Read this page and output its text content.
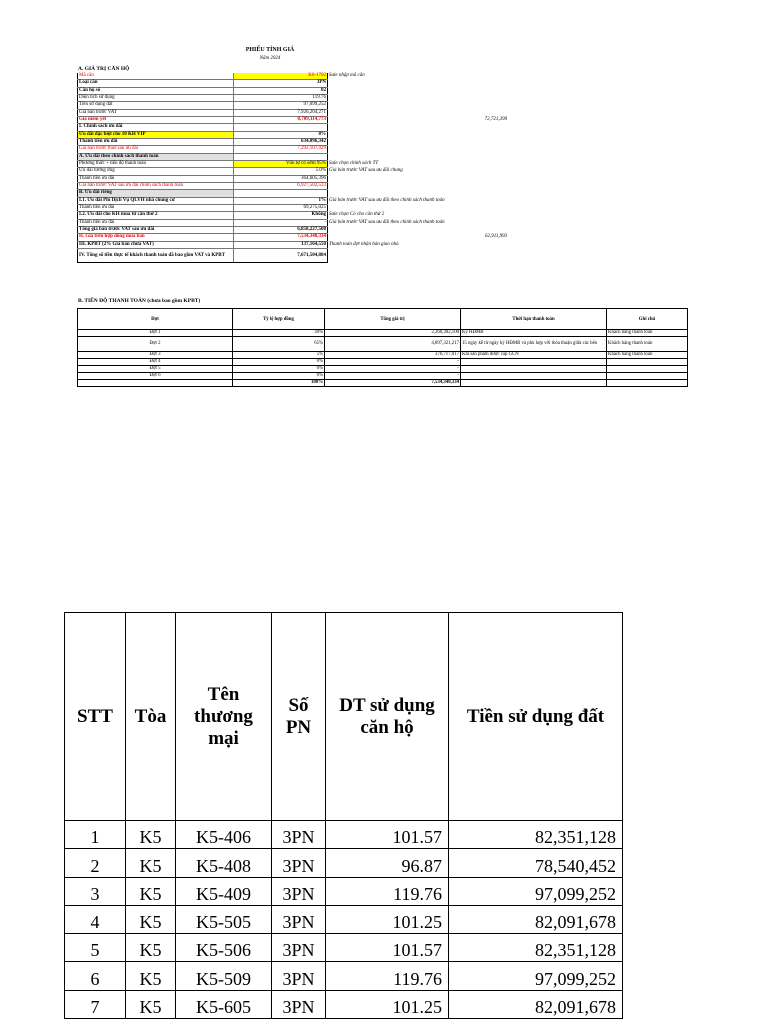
PHIẾU TÍNH GIÁ
Năm 2024
A. GIÁ TRỊ CĂN HỘ
Mã căn	K6-1702	Sale nhập mã căn	
Loại căn	3PN		
Căn hộ số	02		
Diện tích sử dụng	119.76		
Tiền sử dụng đất	97,099,252		
Giá bán trước VAT	7,926,204,271		
Giá niêm yết	8,709,114,773		72,721,399
I. Chính sách ưu đãi			
Ưu đãi đặc biệt cho 10 KH VIP	8%		
Thành tiền ưu đãi	634,096,342		
Giá bán trước thuế sau ưu đãi	7,292,107,929		
A. Ưu đãi theo chính sách thanh toán			
Phương thức + tiến độ thanh toán	Vốn tự có sớm 95%	Sale chọn chính sách TT	
Ưu đãi tương ứng	5.0%	Giá bán trước VAT sau ưu đãi chung	
Thành tiền ưu đãi	364,605,396		
Giá bán trước VAT sau ưu đãi chính sách thanh toán	6,927,502,533		
B. Ưu đãi riêng			
I.1. Ưu đãi Phí Dịch Vụ QLVH nhà chung cư	1%	Giá bán trước VAT sau ưu đãi theo chính sách thanh toán	
Thành tiền ưu đãi	69,275,025		
I.2. Ưu đãi cho KH mua từ căn thứ 2	Không	Sale chọn Có cho căn thứ 2	
Thành tiền ưu đãi	-	Giá bán trước VAT sau ưu đãi theo chính sách thanh toán	
Tổng giá bán trước VAT sau ưu đãi	6,858,227,508		
II. Giá trên hợp đồng mua bán	7,534,340,334		62,911,993
III. KPBT (2% Giá bán chưa VAT)	137,164,550	Thanh toán đợt nhận bàn giao nhà	
IV. Tổng số tiền thực tế khách thanh toán đã bao gồm VAT và KPBT	7,671,504,884		
B. TIẾN ĐỘ THANH TOÁN (chưa bao gồm KPBT)
Đợt	Tỷ lệ hợp đồng	Tổng giá trị	Thời hạn thanh toán	Ghi chú
Đợt 1	30%	2,260,302,100	Ký HĐMB	Khách hàng thanh toán
Đợt 2	65%	4,897,321,217	15 ngày kể từ ngày ký HĐMB và phù hợp với thỏa thuận giữa các bên	Khách hàng thanh toán
Đợt 3	5%	376,717,017	Khi sản phẩm được cấp GCN	Khách hàng thanh toán
Đợt 4	0%	-		
Đợt 5	0%	-		
Đợt 6	0%	-		
	100%	7,534,340,334		
STT	Tòa	Tên thương mại	Số PN	DT sử dụng căn hộ	Tiền sử dụng đất
1	K5	K5-406	3PN	101.57	82,351,128
2	K5	K5-408	3PN	96.87	78,540,452
3	K5	K5-409	3PN	119.76	97,099,252
4	K5	K5-505	3PN	101.25	82,091,678
5	K5	K5-506	3PN	101.57	82,351,128
6	K5	K5-509	3PN	119.76	97,099,252
7	K5	K5-605	3PN	101.25	82,091,678
